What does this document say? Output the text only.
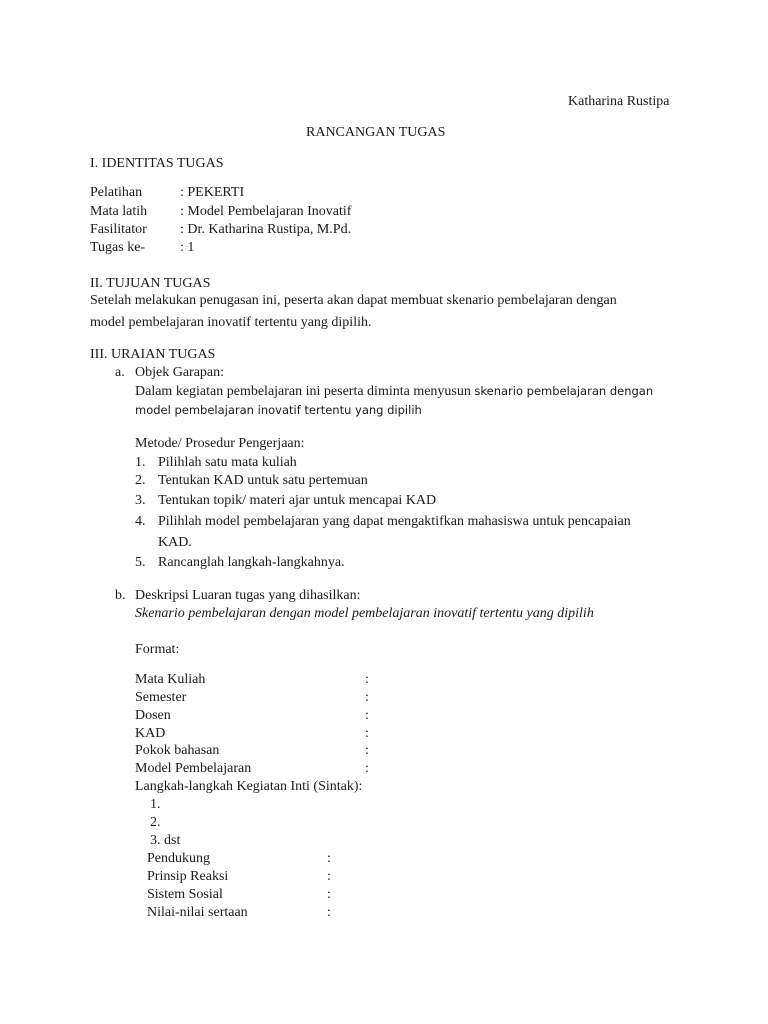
Katharina Rustipa
RANCANGAN TUGAS
I. IDENTITAS TUGAS
Pelatihan	: PEKERTI
Mata latih : Model Pembelajaran Inovatif
Fasilitator : Dr. Katharina Rustipa, M.Pd.
Tugas ke- : 1
II. TUJUAN TUGAS
Setelah melakukan penugasan ini, peserta akan dapat membuat skenario pembelajaran dengan
model pembelajaran inovatif tertentu yang dipilih.
III. URAIAN TUGAS
a. Objek Garapan:
Dalam kegiatan pembelajaran ini peserta diminta menyusun skenario pembelajaran dengan
model pembelajaran inovatif tertentu yang dipilih
Metode/ Prosedur Pengerjaan:
1. Pilihlah satu mata kuliah
2. Tentukan KAD untuk satu pertemuan
3. Tentukan topik/ materi ajar untuk mencapai KAD
4. Pilihlah model pembelajaran yang dapat mengaktifkan mahasiswa untuk pencapaian
KAD.
5. Rancanglah langkah-langkahnya.
b. Deskripsi Luaran tugas yang dihasilkan:
Skenario pembelajaran dengan model pembelajaran inovatif tertentu yang dipilih
Format:
Mata Kuliah	:
Semester	:
Dosen	:
KAD	:
Pokok bahasan	:
Model Pembelajaran	:
Langkah-langkah Kegiatan Inti (Sintak):
1.
2.
3. dst
Pendukung	:
Prinsip Reaksi	:
Sistem Sosial	:
Nilai-nilai sertaan	:
